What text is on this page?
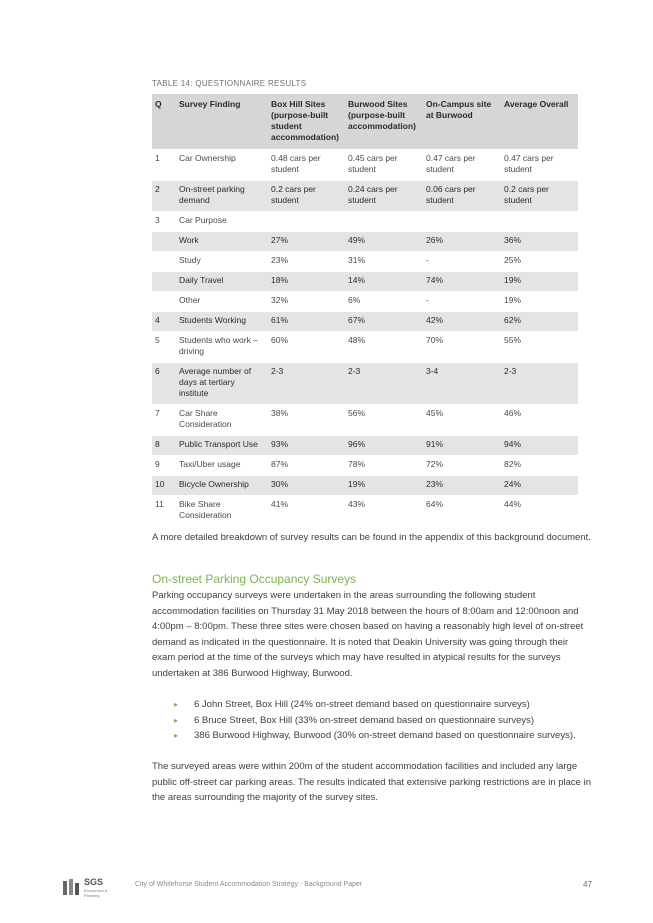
TABLE 14: QUESTIONNAIRE RESULTS
Q	Survey Finding	Box Hill Sites (purpose-built student accommodation)	Burwood Sites (purpose-built accommodation)	On-Campus site at Burwood	Average Overall
1	Car Ownership	0.48 cars per student	0.45 cars per student	0.47 cars per student	0.47 cars per student
2	On-street parking demand	0.2 cars per student	0.24 cars per student	0.06 cars per student	0.2 cars per student
3	Car Purpose				
	Work	27%	49%	26%	36%
	Study	23%	31%	-	25%
	Daily Travel	18%	14%	74%	19%
	Other	32%	6%	-	19%
4	Students Working	61%	67%	42%	62%
5	Students who work – driving	60%	48%	70%	55%
6	Average number of days at tertiary institute	2-3	2-3	3-4	2-3
7	Car Share Consideration	38%	56%	45%	46%
8	Public Transport Use	93%	96%	91%	94%
9	Taxi/Uber usage	87%	78%	72%	82%
10	Bicycle Ownership	30%	19%	23%	24%
11	Bike Share Consideration	41%	43%	64%	44%
A more detailed breakdown of survey results can be found in the appendix of this background document.
On-street Parking Occupancy Surveys
Parking occupancy surveys were undertaken in the areas surrounding the following student accommodation facilities on Thursday 31 May 2018 between the hours of 8:00am and 12:00noon and 4:00pm – 8:00pm. These three sites were chosen based on having a reasonably high level of on-street demand as indicated in the questionnaire. It is noted that Deakin University was going through their exam period at the time of the surveys which may have resulted in atypical results for the surveys undertaken at 386 Burwood Highway, Burwood.
▸ 6 John Street, Box Hill (24% on-street demand based on questionnaire surveys)
▸ 6 Bruce Street, Box Hill (33% on-street demand based on questionnaire surveys)
▸ 386 Burwood Highway, Burwood (30% on-street demand based on questionnaire surveys).
The surveyed areas were within 200m of the student accommodation facilities and included any large public off-street car parking areas. The results indicated that extensive parking restrictions are in place in the areas surrounding the majority of the survey sites.
SGS
Economics & Planning
City of Whitehorse Student Accommodation Strategy - Background Paper	47
